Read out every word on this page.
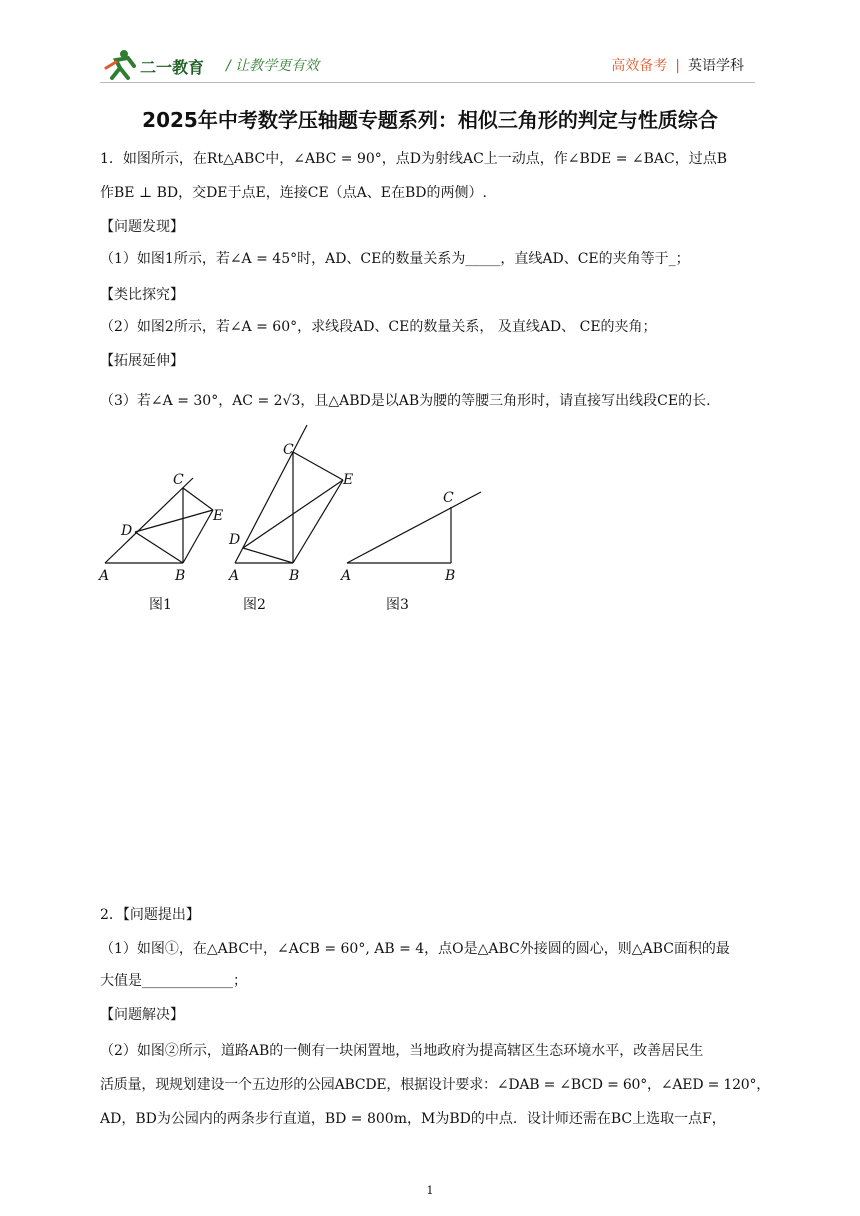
二一教育 / 让教学更有效	高效备考 | 英语学科
2025年中考数学压轴题专题系列：相似三角形的判定与性质综合
1．如图所示，在Rt△ABC中，∠ABC = 90°，点D为射线AC上一动点，作∠BDE = ∠BAC，过点B
作BE ⊥ BD，交DE于点E，连接CE（点A、E在BD的两侧）.
【问题发现】
（1）如图1所示，若∠A = 45°时，AD、CE的数量关系为_____，直线AD、CE的夹角等于_；
【类比探究】
（2）如图2所示，若∠A = 60°，求线段AD、CE的数量关系， 及直线AD、 CE的夹角；
【拓展延伸】
（3）若∠A = 30°，AC = 2√3，且△ABD是以AB为腰的等腰三角形时，请直接写出线段CE的长.
A	B
C
D
E
图1
A	B
C
D
E
图2
A	B
C
图3
2．【问题提出】
（1）如图①，在△ABC中，∠ACB = 60°, AB = 4，点O是△ABC外接圆的圆心，则△ABC面积的最
大值是_____________；
【问题解决】
（2）如图②所示，道路AB的一侧有一块闲置地，当地政府为提高辖区生态环境水平，改善居民生
活质量，现规划建设一个五边形的公园ABCDE，根据设计要求：∠DAB = ∠BCD = 60°，∠AED = 120°，
AD，BD为公园内的两条步行直道，BD = 800m，M为BD的中点．设计师还需在BC上选取一点F，
1
